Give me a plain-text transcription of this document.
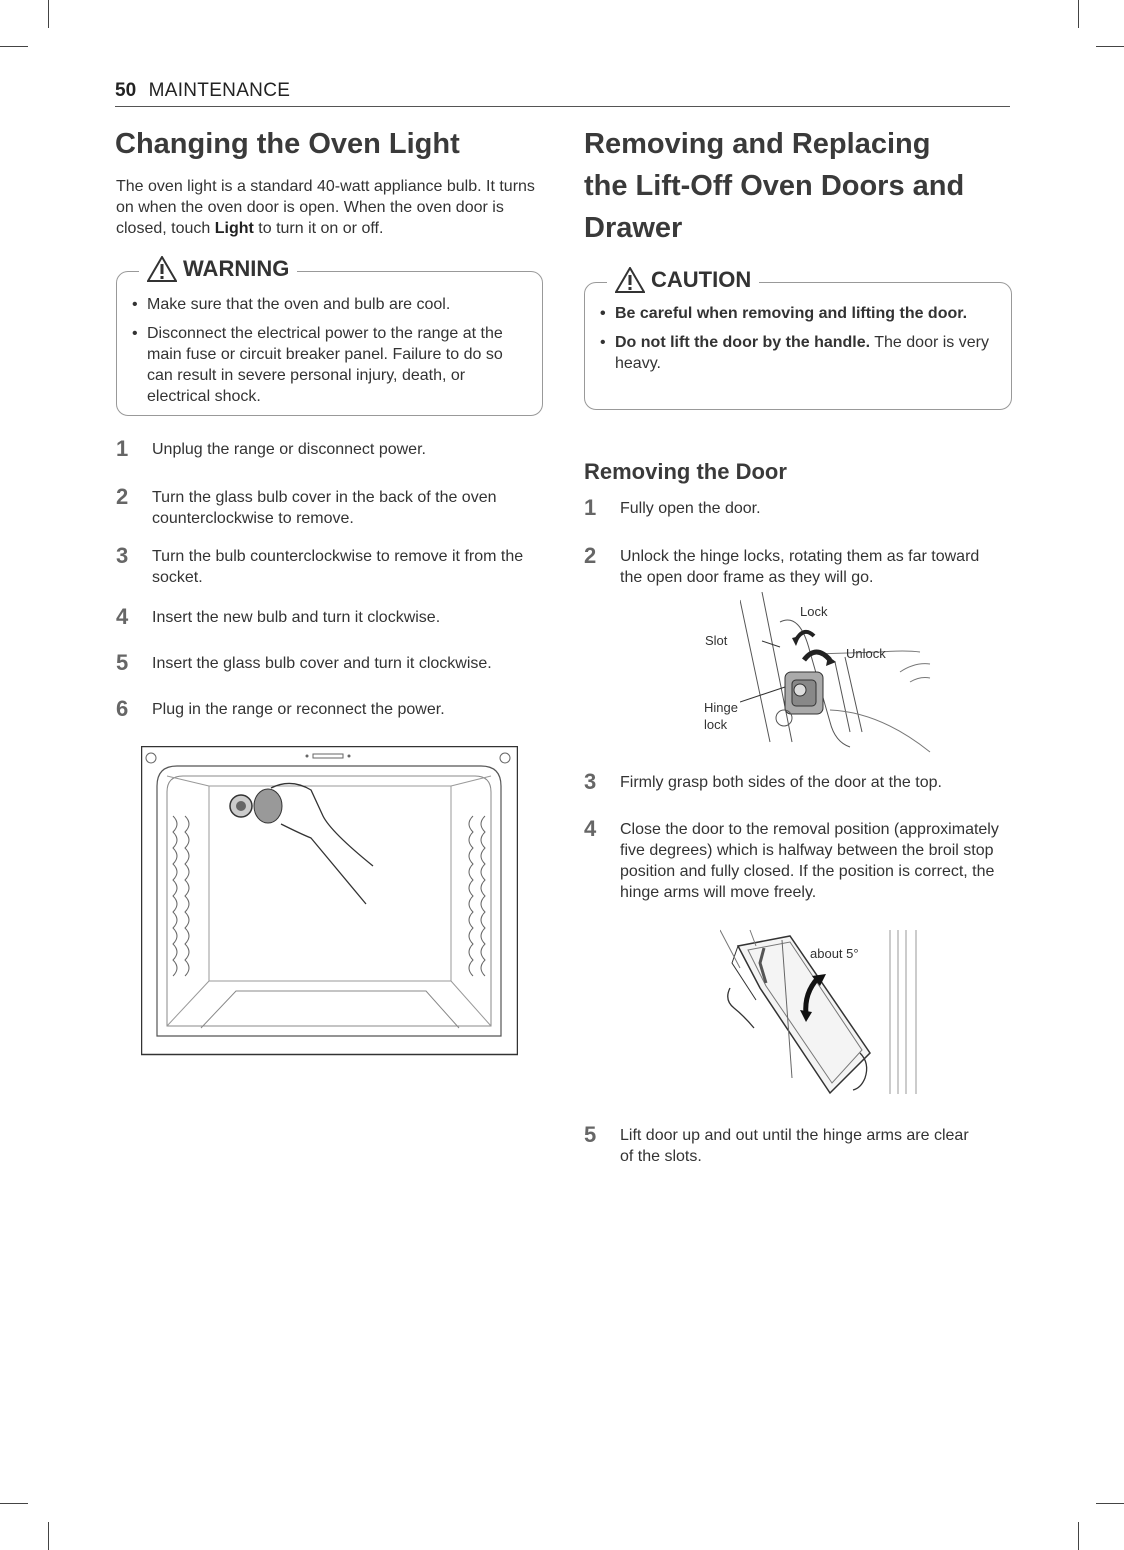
50 MAINTENANCE
Changing the Oven Light
The oven light is a standard 40-watt appliance bulb. It turns on when the oven door is open. When the oven door is closed, touch Light to turn it on or off.
WARNING
• Make sure that the oven and bulb are cool.
• Disconnect the electrical power to the range at the main fuse or circuit breaker panel. Failure to do so can result in severe personal injury, death, or electrical shock.
1	Unplug the range or disconnect power.
2	Turn the glass bulb cover in the back of the oven counterclockwise to remove.
3	Turn the bulb counterclockwise to remove it from the socket.
4	Insert the new bulb and turn it clockwise.
5	Insert the glass bulb cover and turn it clockwise.
6	Plug in the range or reconnect the power.
Removing and Replacing
the Lift-Off Oven Doors and
Drawer
CAUTION
• Be careful when removing and lifting the door.
• Do not lift the door by the handle. The door is very heavy.
Removing the Door
1	Fully open the door.
2	Unlock the hinge locks, rotating them as far toward the open door frame as they will go.
Lock
Slot
Unlock
Hinge
lock
3	Firmly grasp both sides of the door at the top.
4	Close the door to the removal position (approximately five degrees) which is halfway between the broil stop position and fully closed. If the position is correct, the hinge arms will move freely.
about 5°
5	Lift door up and out until the hinge arms are clear of the slots.
